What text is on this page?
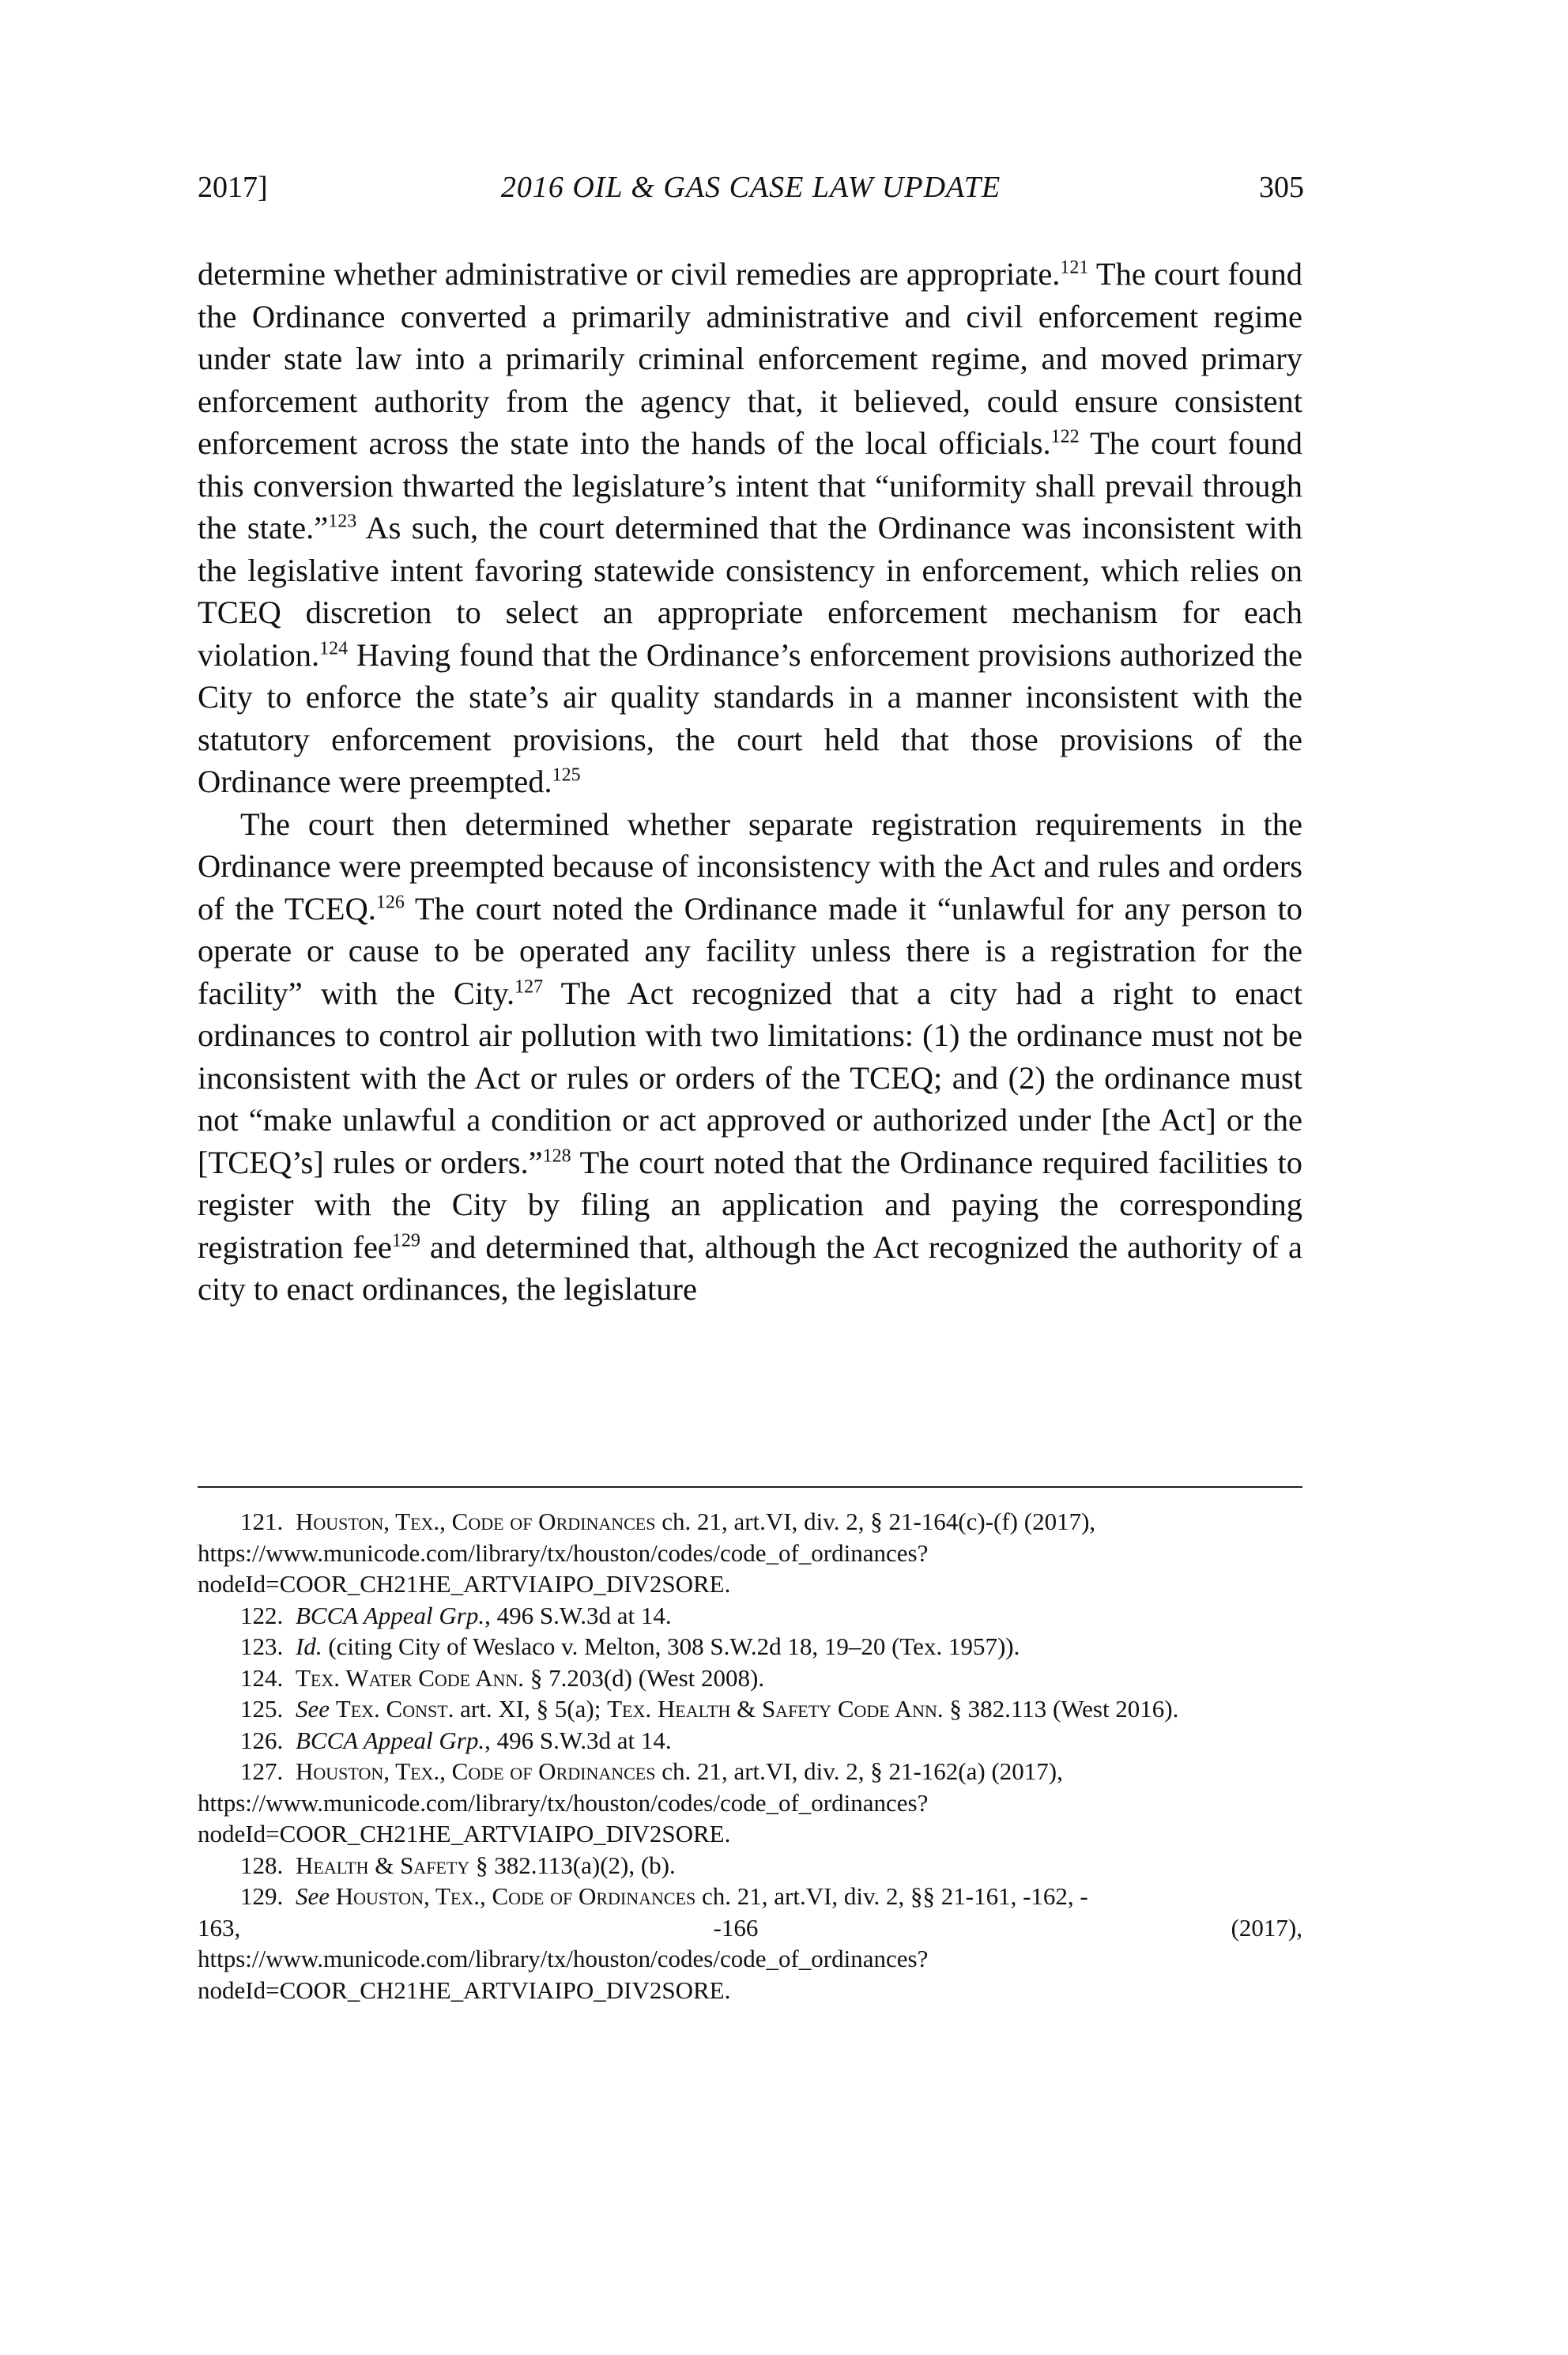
2017]	2016 OIL & GAS CASE LAW UPDATE	305

determine whether administrative or civil remedies are appropriate.$^{121}$ The court found the Ordinance converted a primarily administrative and civil enforcement regime under state law into a primarily criminal enforcement regime, and moved primary enforcement authority from the agency that, it believed, could ensure consistent enforcement across the state into the hands of the local officials.$^{122}$ The court found this conversion thwarted the legislature’s intent that “uniformity shall prevail through the state.”$^{123}$ As such, the court determined that the Ordinance was inconsistent with the legislative intent favoring statewide consistency in enforcement, which relies on TCEQ discretion to select an appropriate enforcement mechanism for each violation.$^{124}$ Having found that the Ordinance’s enforcement provisions authorized the City to enforce the state’s air quality standards in a manner inconsistent with the statutory enforcement provisions, the court held that those provisions of the Ordinance were preempted.$^{125}$

The court then determined whether separate registration requirements in the Ordinance were preempted because of inconsistency with the Act and rules and orders of the TCEQ.$^{126}$ The court noted the Ordinance made it “unlawful for any person to operate or cause to be operated any facility unless there is a registration for the facility” with the City.$^{127}$ The Act recognized that a city had a right to enact ordinances to control air pollution with two limitations: (1) the ordinance must not be inconsistent with the Act or rules or orders of the TCEQ; and (2) the ordinance must not “make unlawful a condition or act approved or authorized under [the Act] or the [TCEQ’s] rules or orders.”$^{128}$ The court noted that the Ordinance required facilities to register with the City by filing an application and paying the corresponding registration fee$^{129}$ and determined that, although the Act recognized the authority of a city to enact ordinances, the legislature

121. Houston, Tex., Code of Ordinances ch. 21, art.VI, div. 2, § 21-164(c)-(f) (2017), https://www.municode.com/library/tx/houston/codes/code_of_ordinances?nodeId=COOR_CH21HE_ARTVIAIPO_DIV2SORE.

122. BCCA Appeal Grp., 496 S.W.3d at 14.

123. Id. (citing City of Weslaco v. Melton, 308 S.W.2d 18, 19–20 (Tex. 1957)).

124. Tex. Water Code Ann. § 7.203(d) (West 2008).

125. See Tex. Const. art. XI, § 5(a); Tex. Health & Safety Code Ann. § 382.113 (West 2016).

126. BCCA Appeal Grp., 496 S.W.3d at 14.

127. Houston, Tex., Code of Ordinances ch. 21, art.VI, div. 2, § 21-162(a) (2017), https://www.municode.com/library/tx/houston/codes/code_of_ordinances?nodeId=COOR_CH21HE_ARTVIAIPO_DIV2SORE.

128. Health & Safety § 382.113(a)(2), (b).

129. See Houston, Tex., Code of Ordinances ch. 21, art.VI, div. 2, §§ 21-161, -162, -

163,	-166	(2017),

https://www.municode.com/library/tx/houston/codes/code_of_ordinances?nodeId=COOR_CH21HE_ARTVIAIPO_DIV2SORE.
